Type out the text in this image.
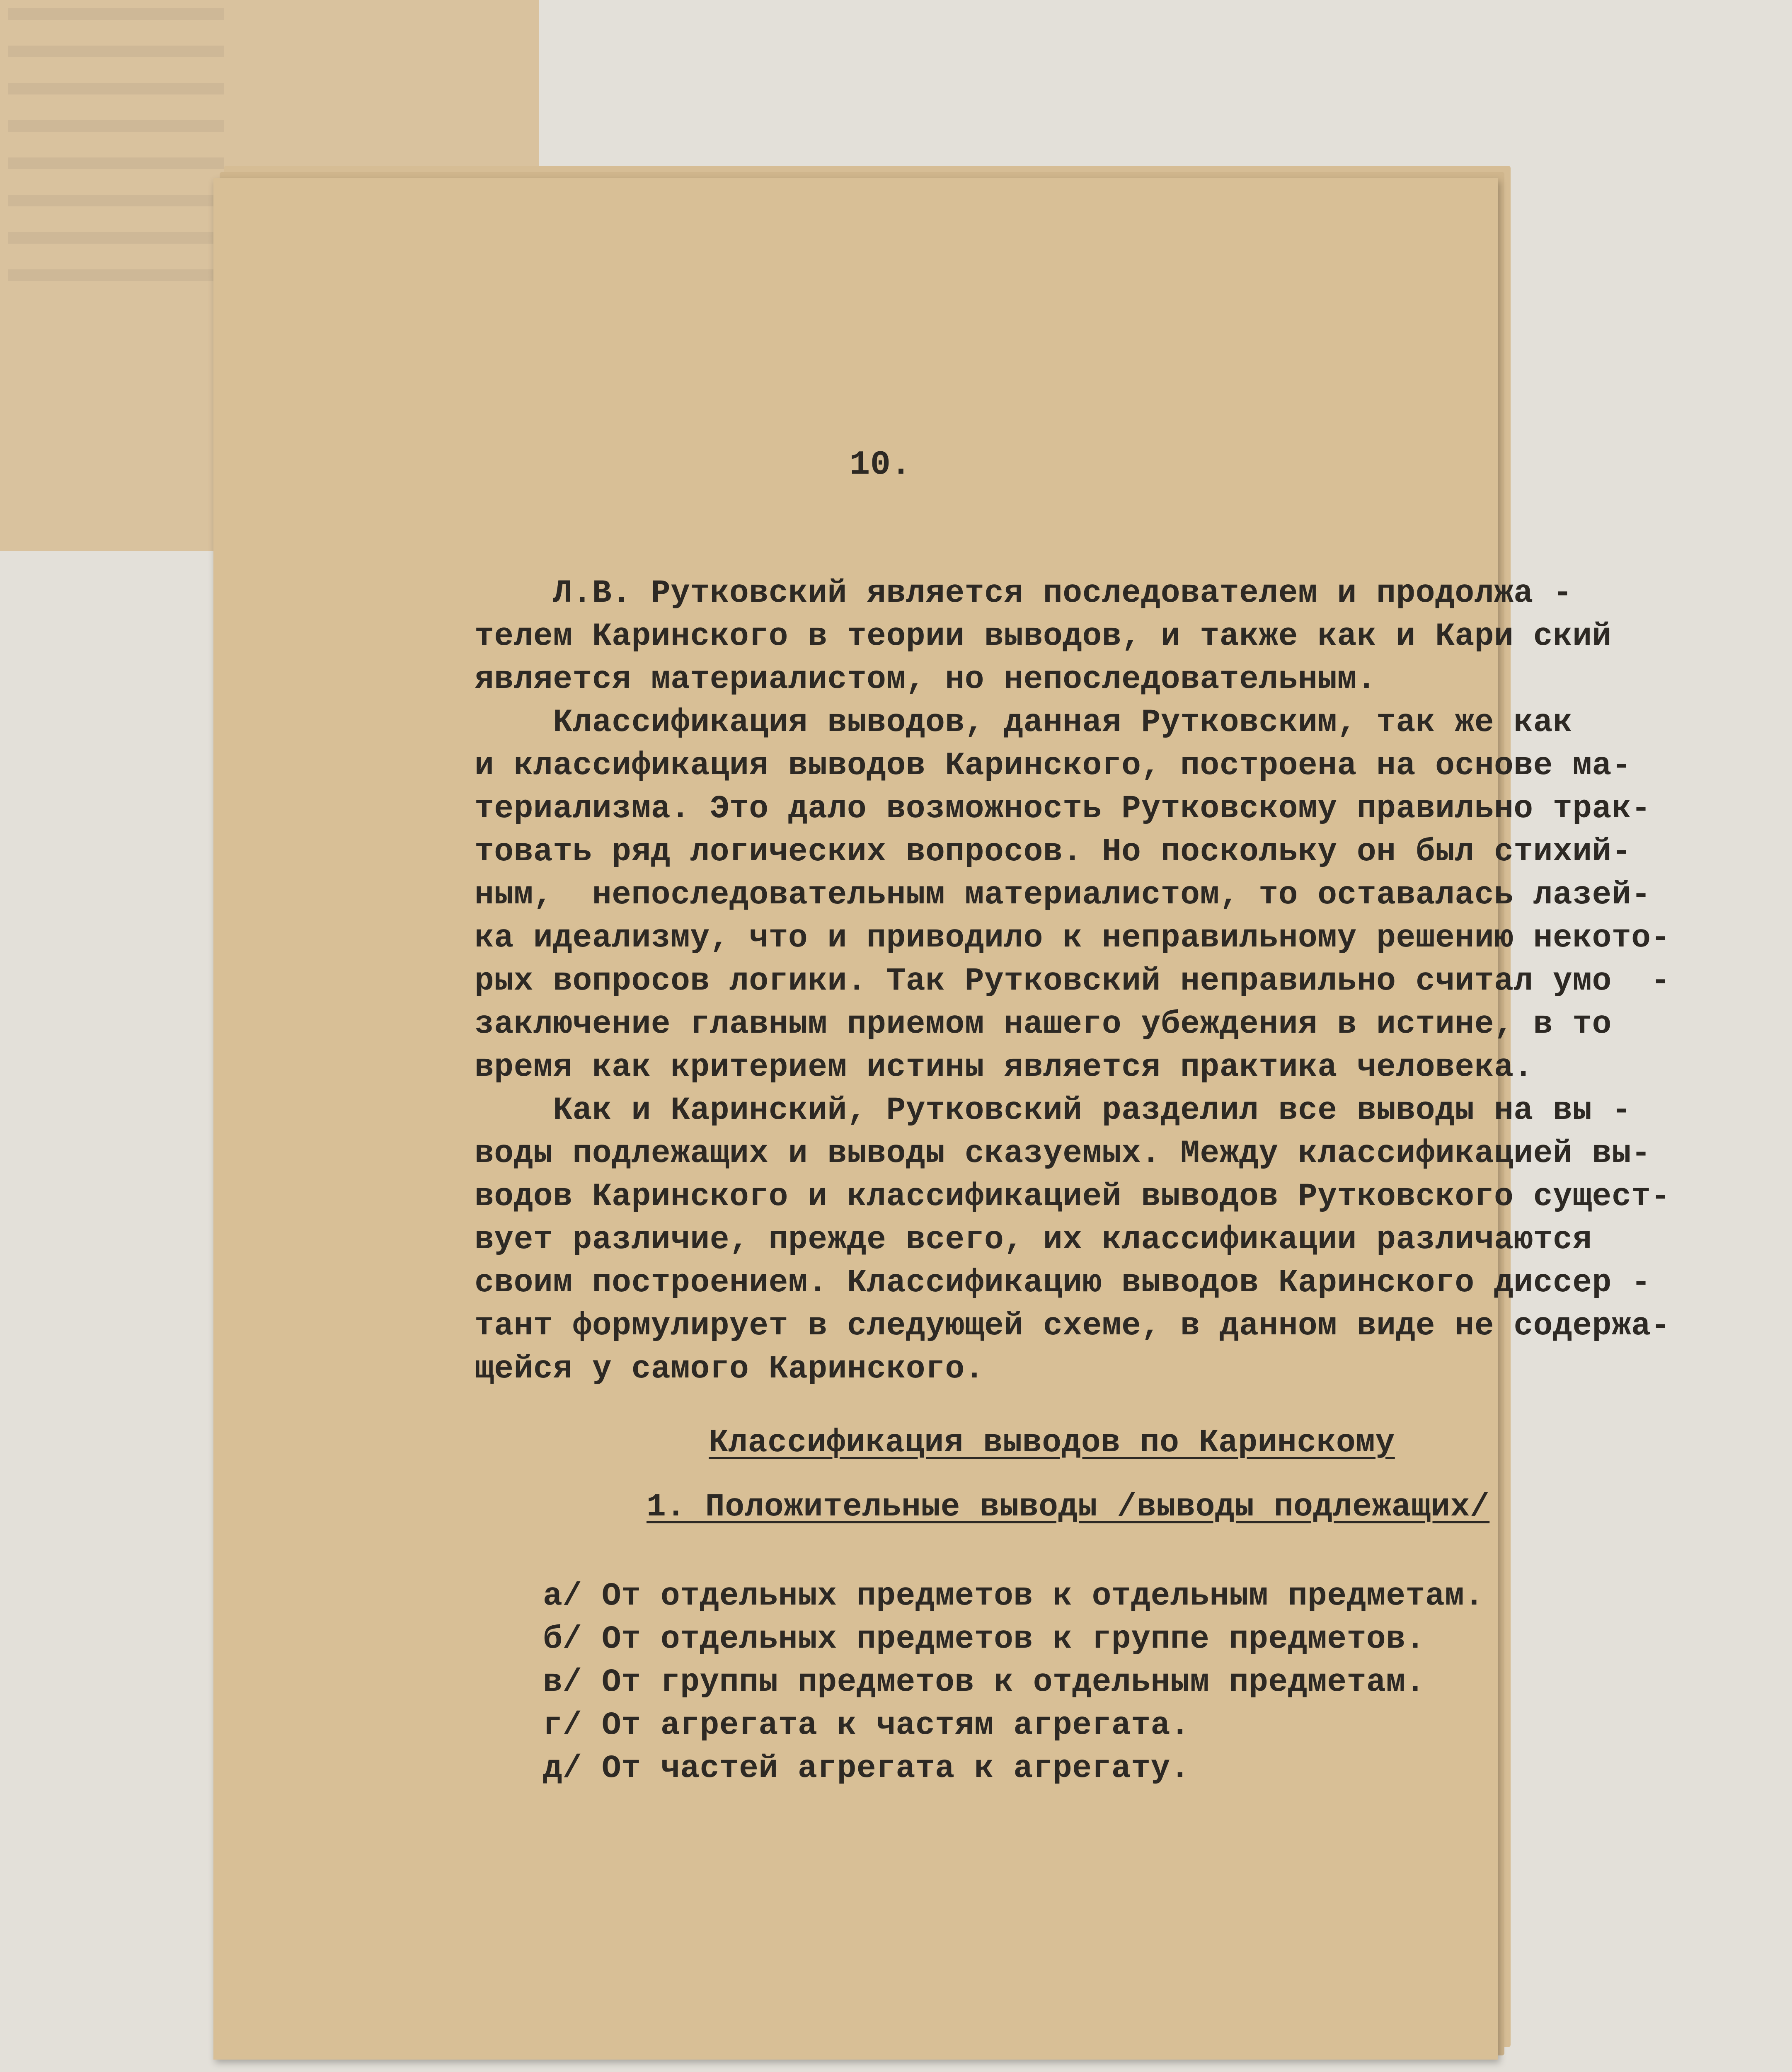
10.
Л.В. Рутковский является последователем и продолжа -
телем Каринского в теории выводов, и также как и Кари ский
является материалистом, но непоследовательным.
Классификация выводов, данная Рутковским, так же как
и классификация выводов Каринского, построена на основе ма-
териализма. Это дало возможность Рутковскому правильно трак-
товать ряд логических вопросов. Но поскольку он был стихий-
ным,  непоследовательным материалистом, то оставалась лазей-
ка идеализму, что и приводило к неправильному решению некото-
рых вопросов логики. Так Рутковский неправильно считал умо  -
заключение главным приемом нашего убеждения в истине, в то
время как критерием истины является практика человека.
Как и Каринский, Рутковский разделил все выводы на вы -
воды подлежащих и выводы сказуемых. Между классификацией вы-
водов Каринского и классификацией выводов Рутковского сущест-
вует различие, прежде всего, их классификации различаются
своим построением. Классификацию выводов Каринского диссер -
тант формулирует в следующей схеме, в данном виде не содержа-
щейся у самого Каринского.
Классификация выводов по Каринскому
1. Положительные выводы /выводы подлежащих/
а/ От отдельных предметов к отдельным предметам.
б/ От отдельных предметов к группе предметов.
в/ От группы предметов к отдельным предметам.
г/ От агрегата к частям агрегата.
д/ От частей агрегата к агрегату.
